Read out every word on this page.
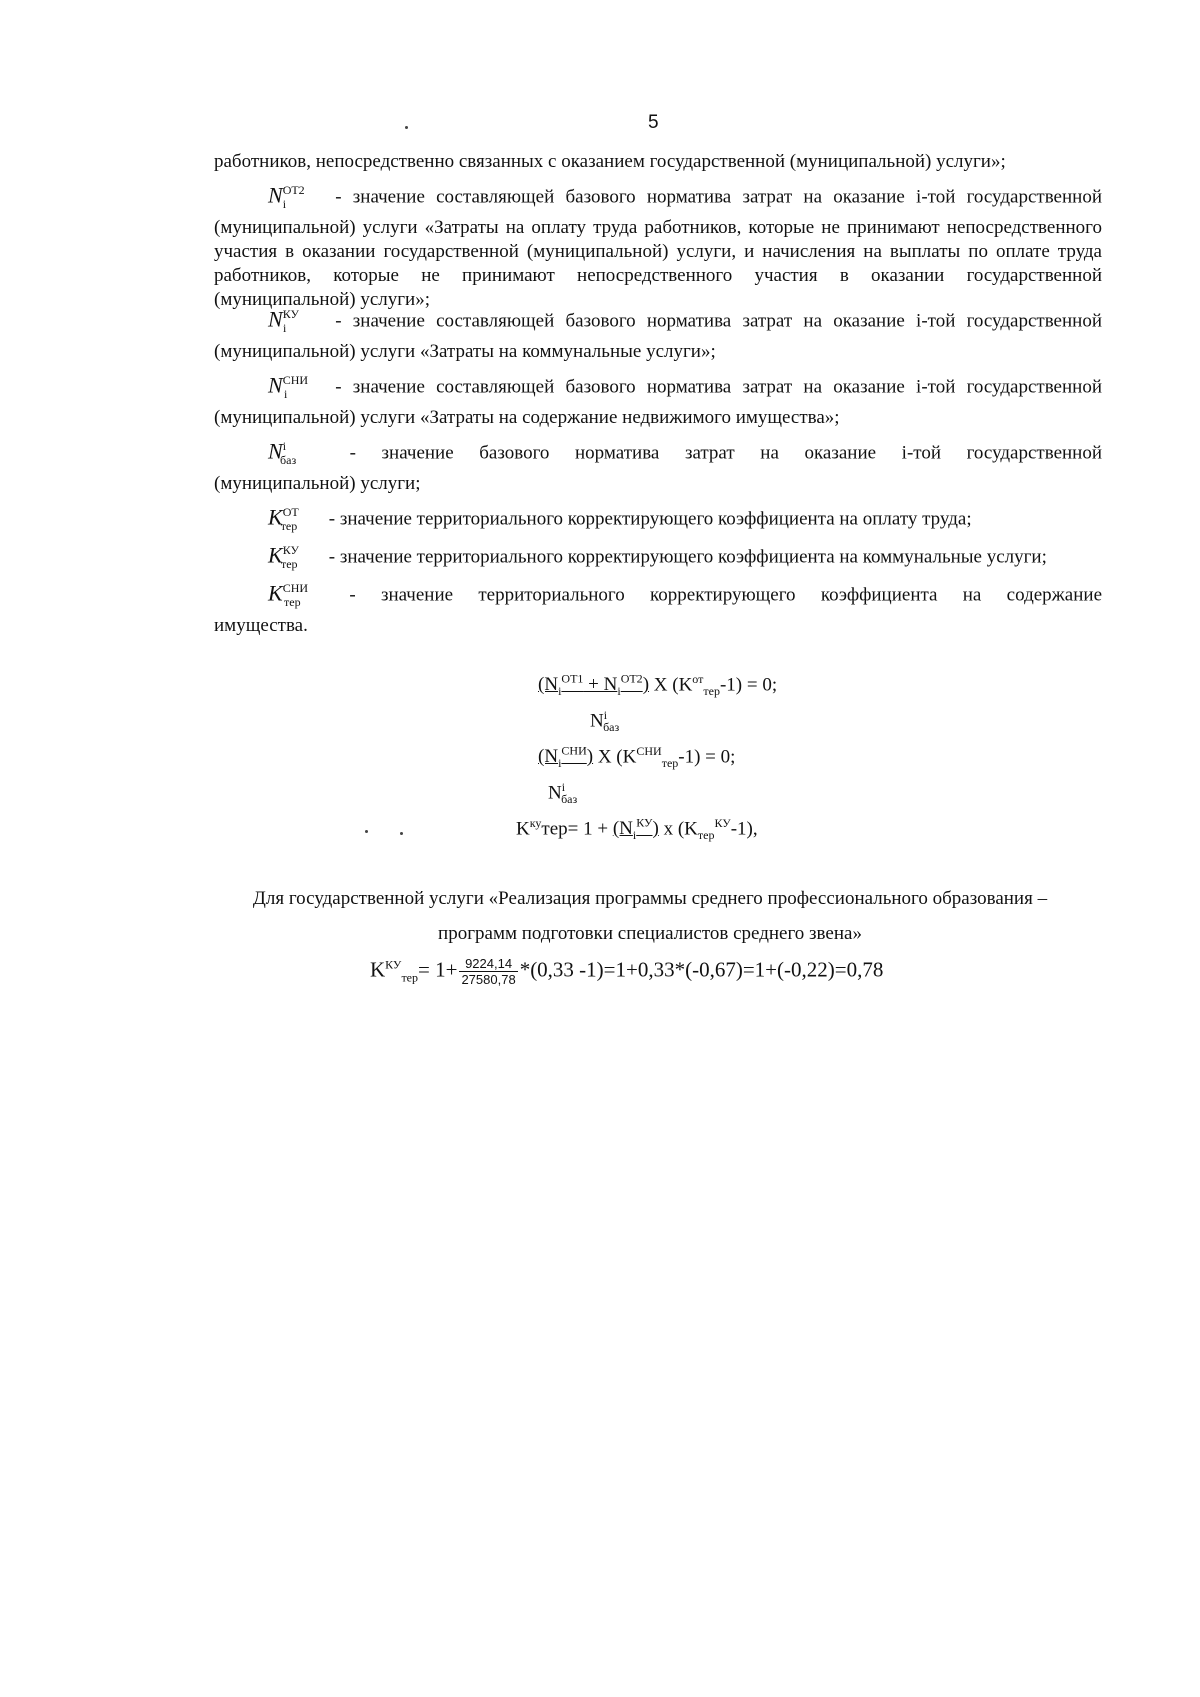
5
работников, непосредственно связанных с оказанием государственной (муниципальной) услуги»;
$N^{ОТ2}_i$	- значение составляющей базового норматива затрат на оказание i-той государственной
(муниципальной) услуги «Затраты на оплату труда работников, которые не принимают непосредственного участия в оказании государственной (муниципальной) услуги, и начисления на выплаты по оплате труда работников, которые не принимают непосредственного участия в оказании государственной (муниципальной) услуги»;
$N^{КУ}_i$	- значение составляющей базового норматива затрат на оказание i-той государственной
(муниципальной) услуги «Затраты на коммунальные услуги»;
$N^{СНИ}_i$	- значение составляющей базового норматива затрат на оказание i-той государственной
(муниципальной) услуги «Затраты на содержание недвижимого имущества»;
$N^i_{баз}$	- значение базового норматива затрат на оказание i-той государственной
(муниципальной) услуги;
$K^{ОТ}_{тер}$ - значение территориального корректирующего коэффициента на оплату труда;
$K^{КУ}_{тер}$ - значение территориального корректирующего коэффициента на коммунальные услуги;
$K^{СНИ}_{тер}$	- значение территориального корректирующего коэффициента на содержание
имущества.
$(N_i^{ОТ1} + N_i^{ОТ2})$ X $(K^{от}_{тер}-1) = 0$;
$N^i_{баз}$
$(N_i^{СНИ})$ X $(K^{СНИ}_{тер}-1) = 0$;
$N^i_{баз}$
$K^{ку}тер= 1 + (N_i^{КУ})$ x $(K_{тер}^{КУ}-1)$,
Для государственной услуги «Реализация программы среднего профессионального образования –
программ подготовки специалистов среднего звена»
$K^{КУ}_{тер}= 1+ \frac{9224,14}{27580,78} *(0,33$ -1)=1+0,33*(-0,67)=1+(-0,22)=0,78
